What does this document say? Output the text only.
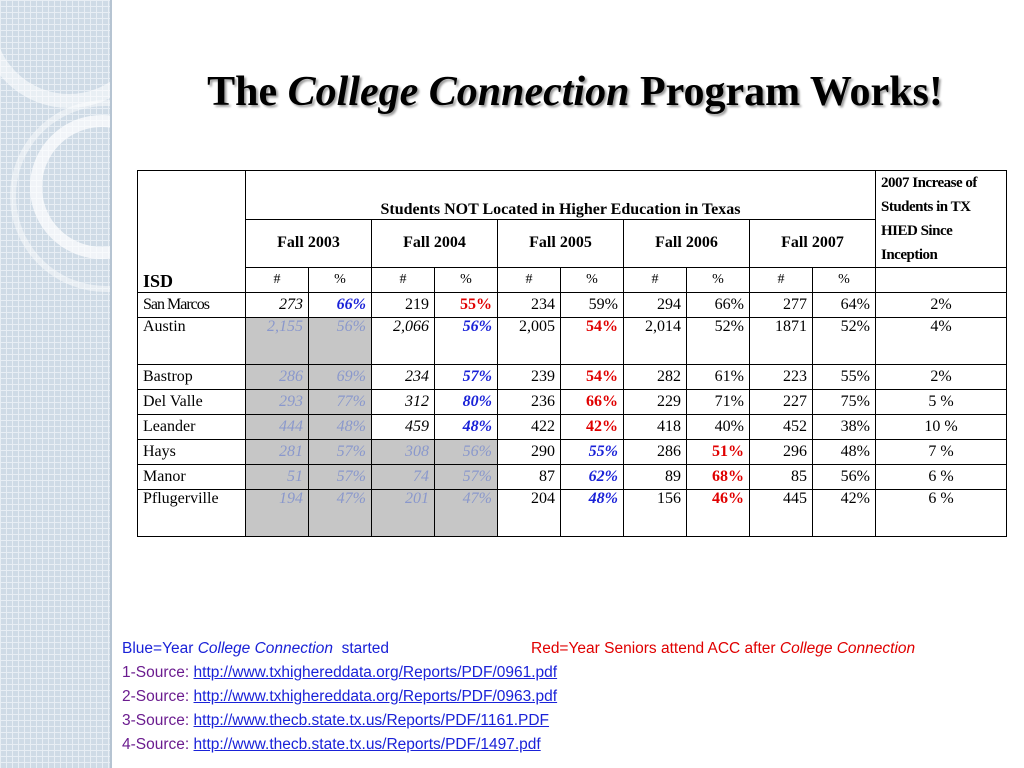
The College Connection Program Works!
ISD	Students NOT Located in Higher Education in Texas										2007 Increase of Students in TX HIED Since Inception
	Fall 2003		Fall 2004		Fall 2005		Fall 2006		Fall 2007		
	#	%	#	%	#	%	#	%	#	%	
San Marcos	273	66%	219	55%	234	59%	294	66%	277	64%	2%
Austin	2,155	56%	2,066	56%	2,005	54%	2,014	52%	1871	52%	4%
Bastrop	286	69%	234	57%	239	54%	282	61%	223	55%	2%
Del Valle	293	77%	312	80%	236	66%	229	71%	227	75%	5 %
Leander	444	48%	459	48%	422	42%	418	40%	452	38%	10 %
Hays	281	57%	308	56%	290	55%	286	51%	296	48%	7 %
Manor	51	57%	74	57%	87	62%	89	68%	85	56%	6 %
Pflugerville	194	47%	201	47%	204	48%	156	46%	445	42%	6 %
Blue=Year College Connection  started	Red=Year Seniors attend ACC after College Connection
1-Source: http://www.txhighereddata.org/Reports/PDF/0961.pdf
2-Source: http://www.txhighereddata.org/Reports/PDF/0963.pdf
3-Source: http://www.thecb.state.tx.us/Reports/PDF/1161.PDF
4-Source: http://www.thecb.state.tx.us/Reports/PDF/1497.pdf
